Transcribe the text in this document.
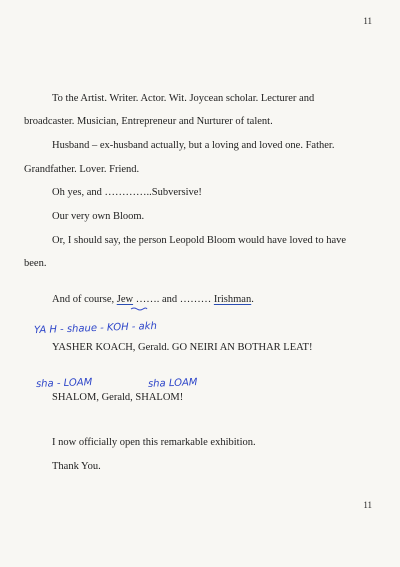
11
To the Artist. Writer. Actor. Wit. Joycean scholar. Lecturer and
broadcaster. Musician, Entrepreneur and Nurturer of talent.
Husband – ex-husband actually, but a loving and loved one. Father.
Grandfather. Lover. Friend.
Oh yes, and …………..Subversive!
Our very own Bloom.
Or, I should say, the person Leopold Bloom would have loved to have
been.
And of course, Jew ……. and ……… Irishman.
YA H - shaue - KOH - akh
YASHER KOACH, Gerald. GO NEIRI AN BOTHAR LEAT!
sha - LOAM	sha LOAM
SHALOM, Gerald, SHALOM!
I now officially open this remarkable exhibition.
Thank You.
11
